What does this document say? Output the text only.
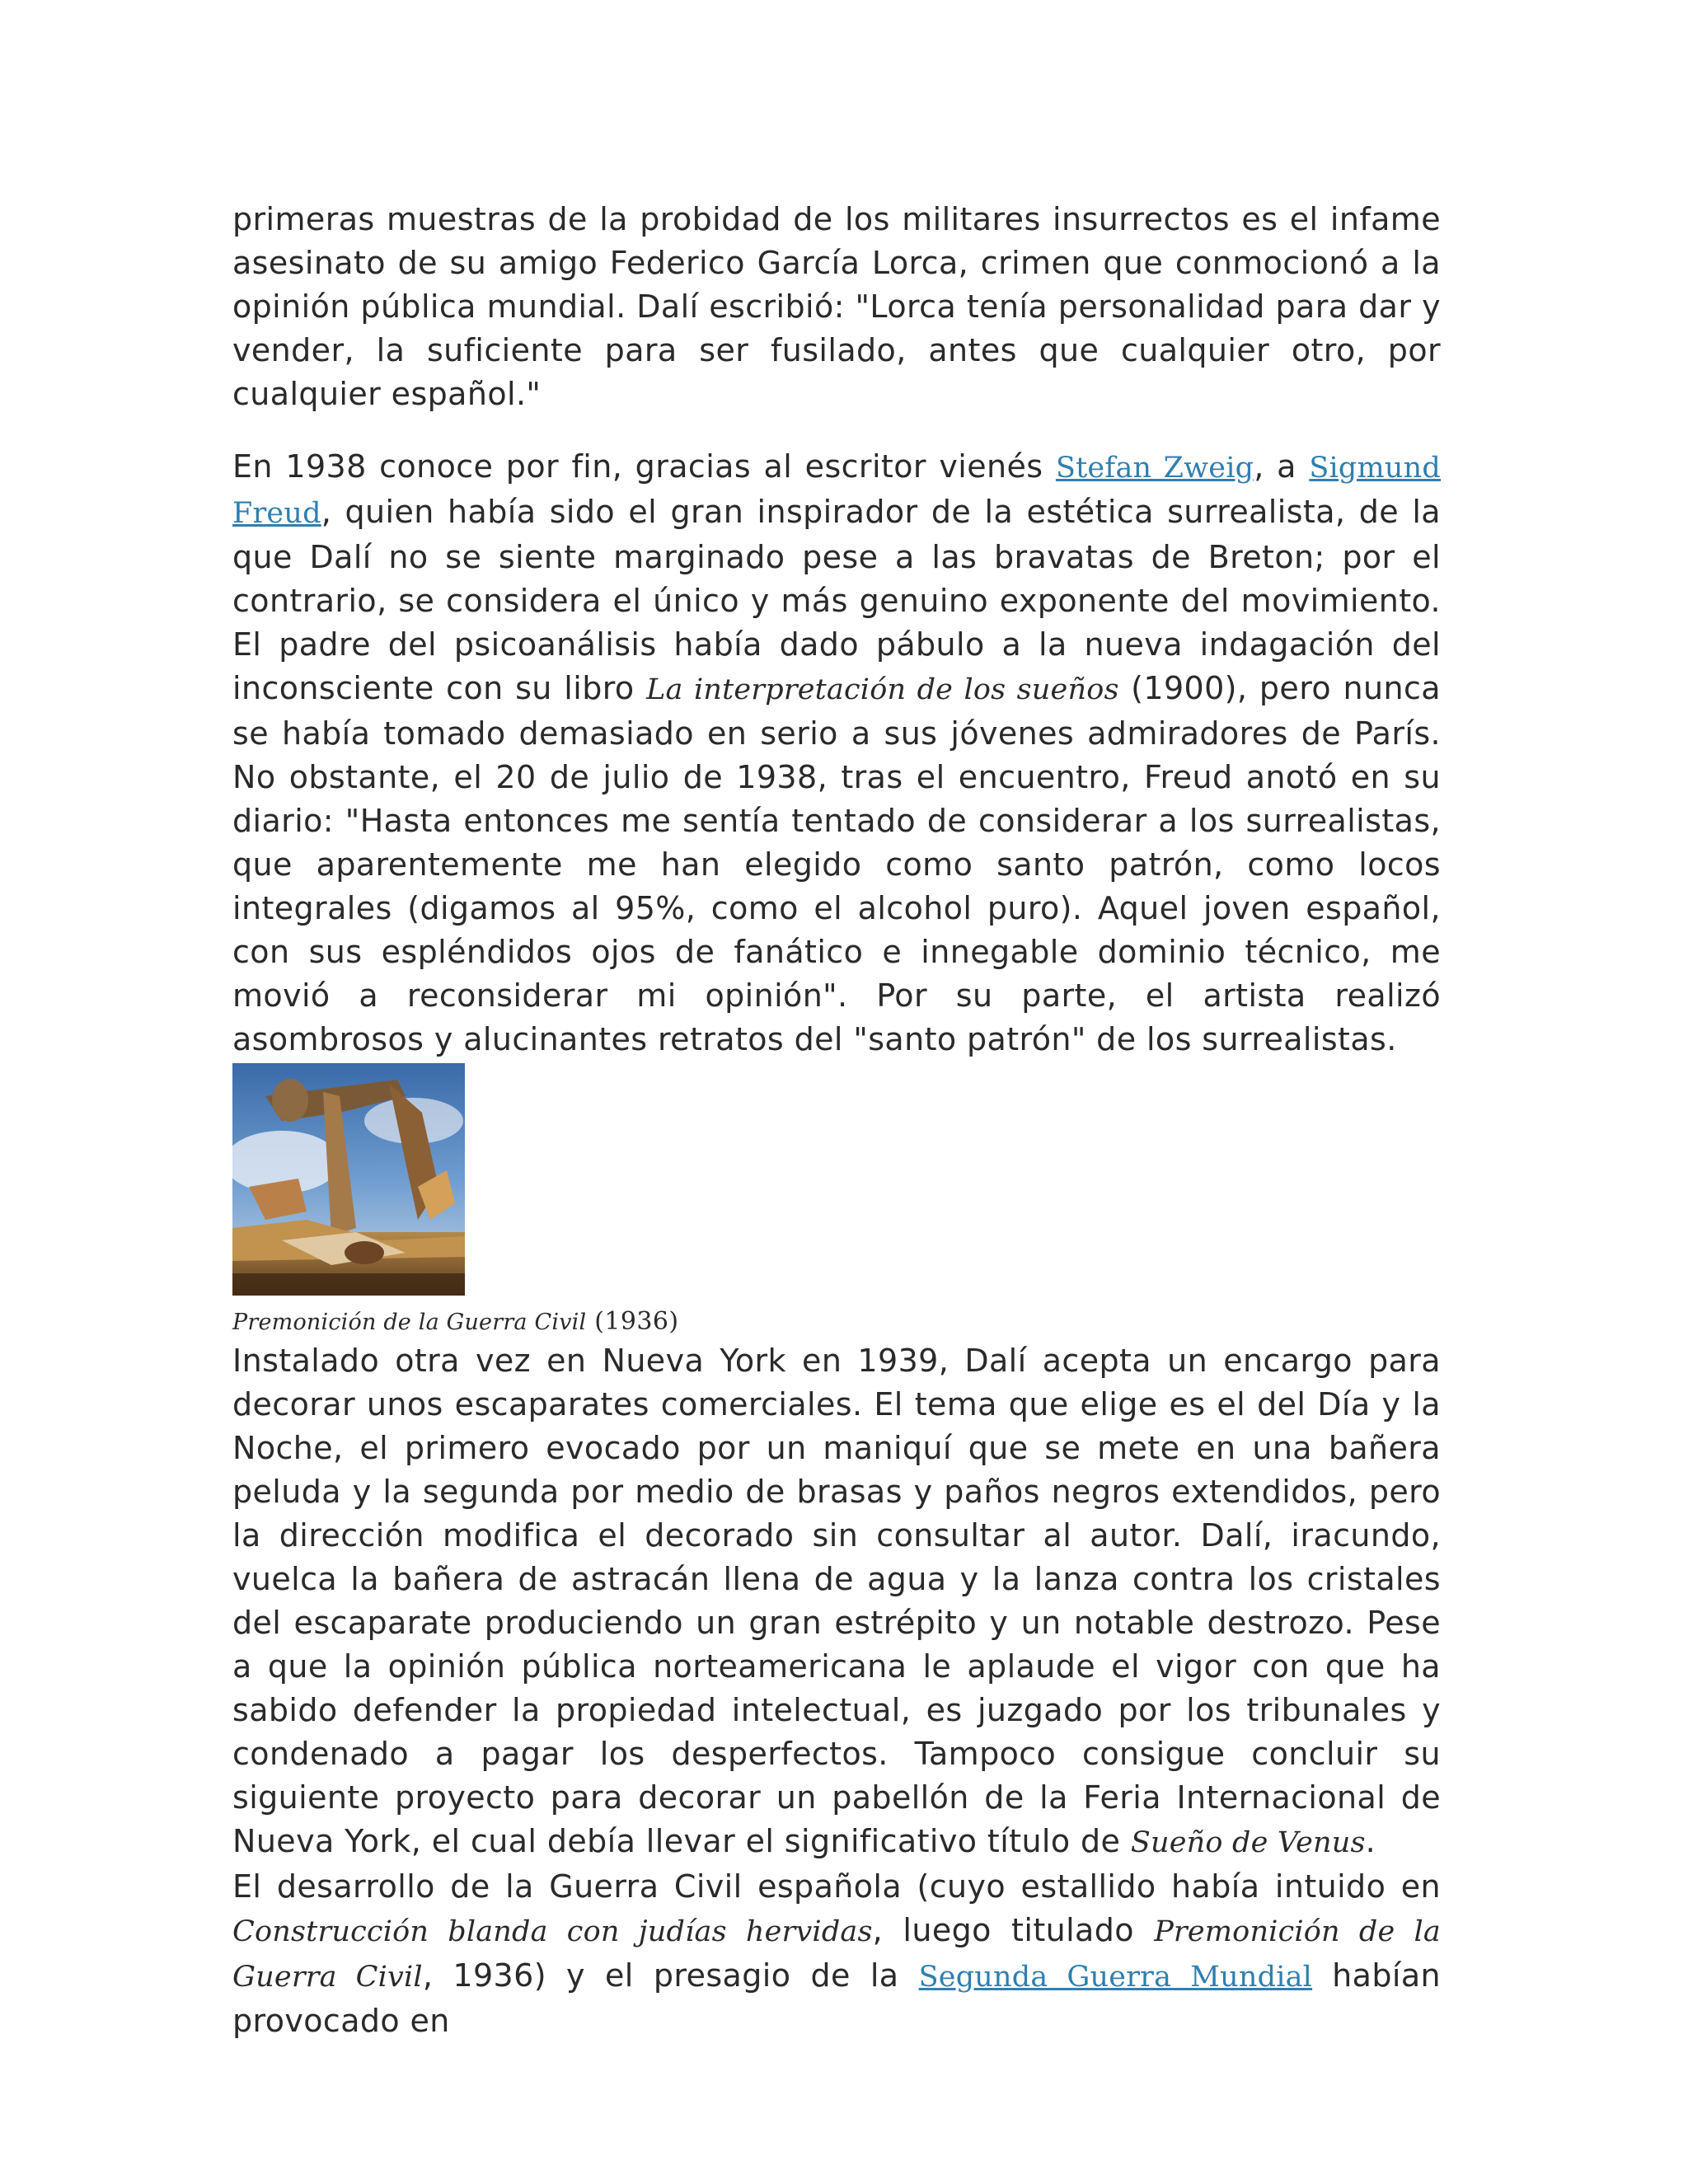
primeras muestras de la probidad de los militares insurrectos es el infame asesinato de su amigo Federico García Lorca, crimen que conmocionó a la opinión pública mundial. Dalí escribió: "Lorca tenía personalidad para dar y vender, la suficiente para ser fusilado, antes que cualquier otro, por cualquier español."

En 1938 conoce por fin, gracias al escritor vienés Stefan Zweig, a Sigmund Freud, quien había sido el gran inspirador de la estética surrealista, de la que Dalí no se siente marginado pese a las bravatas de Breton; por el contrario, se considera el único y más genuino exponente del movimiento. El padre del psicoanálisis había dado pábulo a la nueva indagación del inconsciente con su libro La interpretación de los sueños (1900), pero nunca se había tomado demasiado en serio a sus jóvenes admiradores de París. No obstante, el 20 de julio de 1938, tras el encuentro, Freud anotó en su diario: "Hasta entonces me sentía tentado de considerar a los surrealistas, que aparentemente me han elegido como santo patrón, como locos integrales (digamos al 95%, como el alcohol puro). Aquel joven español, con sus espléndidos ojos de fanático e innegable dominio técnico, me movió a reconsiderar mi opinión". Por su parte, el artista realizó asombrosos y alucinantes retratos del "santo patrón" de los surrealistas.

Premonición de la Guerra Civil (1936)

Instalado otra vez en Nueva York en 1939, Dalí acepta un encargo para decorar unos escaparates comerciales. El tema que elige es el del Día y la Noche, el primero evocado por un maniquí que se mete en una bañera peluda y la segunda por medio de brasas y paños negros extendidos, pero la dirección modifica el decorado sin consultar al autor. Dalí, iracundo, vuelca la bañera de astracán llena de agua y la lanza contra los cristales del escaparate produciendo un gran estrépito y un notable destrozo. Pese a que la opinión pública norteamericana le aplaude el vigor con que ha sabido defender la propiedad intelectual, es juzgado por los tribunales y condenado a pagar los desperfectos. Tampoco consigue concluir su siguiente proyecto para decorar un pabellón de la Feria Internacional de Nueva York, el cual debía llevar el significativo título de Sueño de Venus.

El desarrollo de la Guerra Civil española (cuyo estallido había intuido en Construcción blanda con judías hervidas, luego titulado Premonición de la Guerra Civil, 1936) y el presagio de la Segunda Guerra Mundial habían provocado en
